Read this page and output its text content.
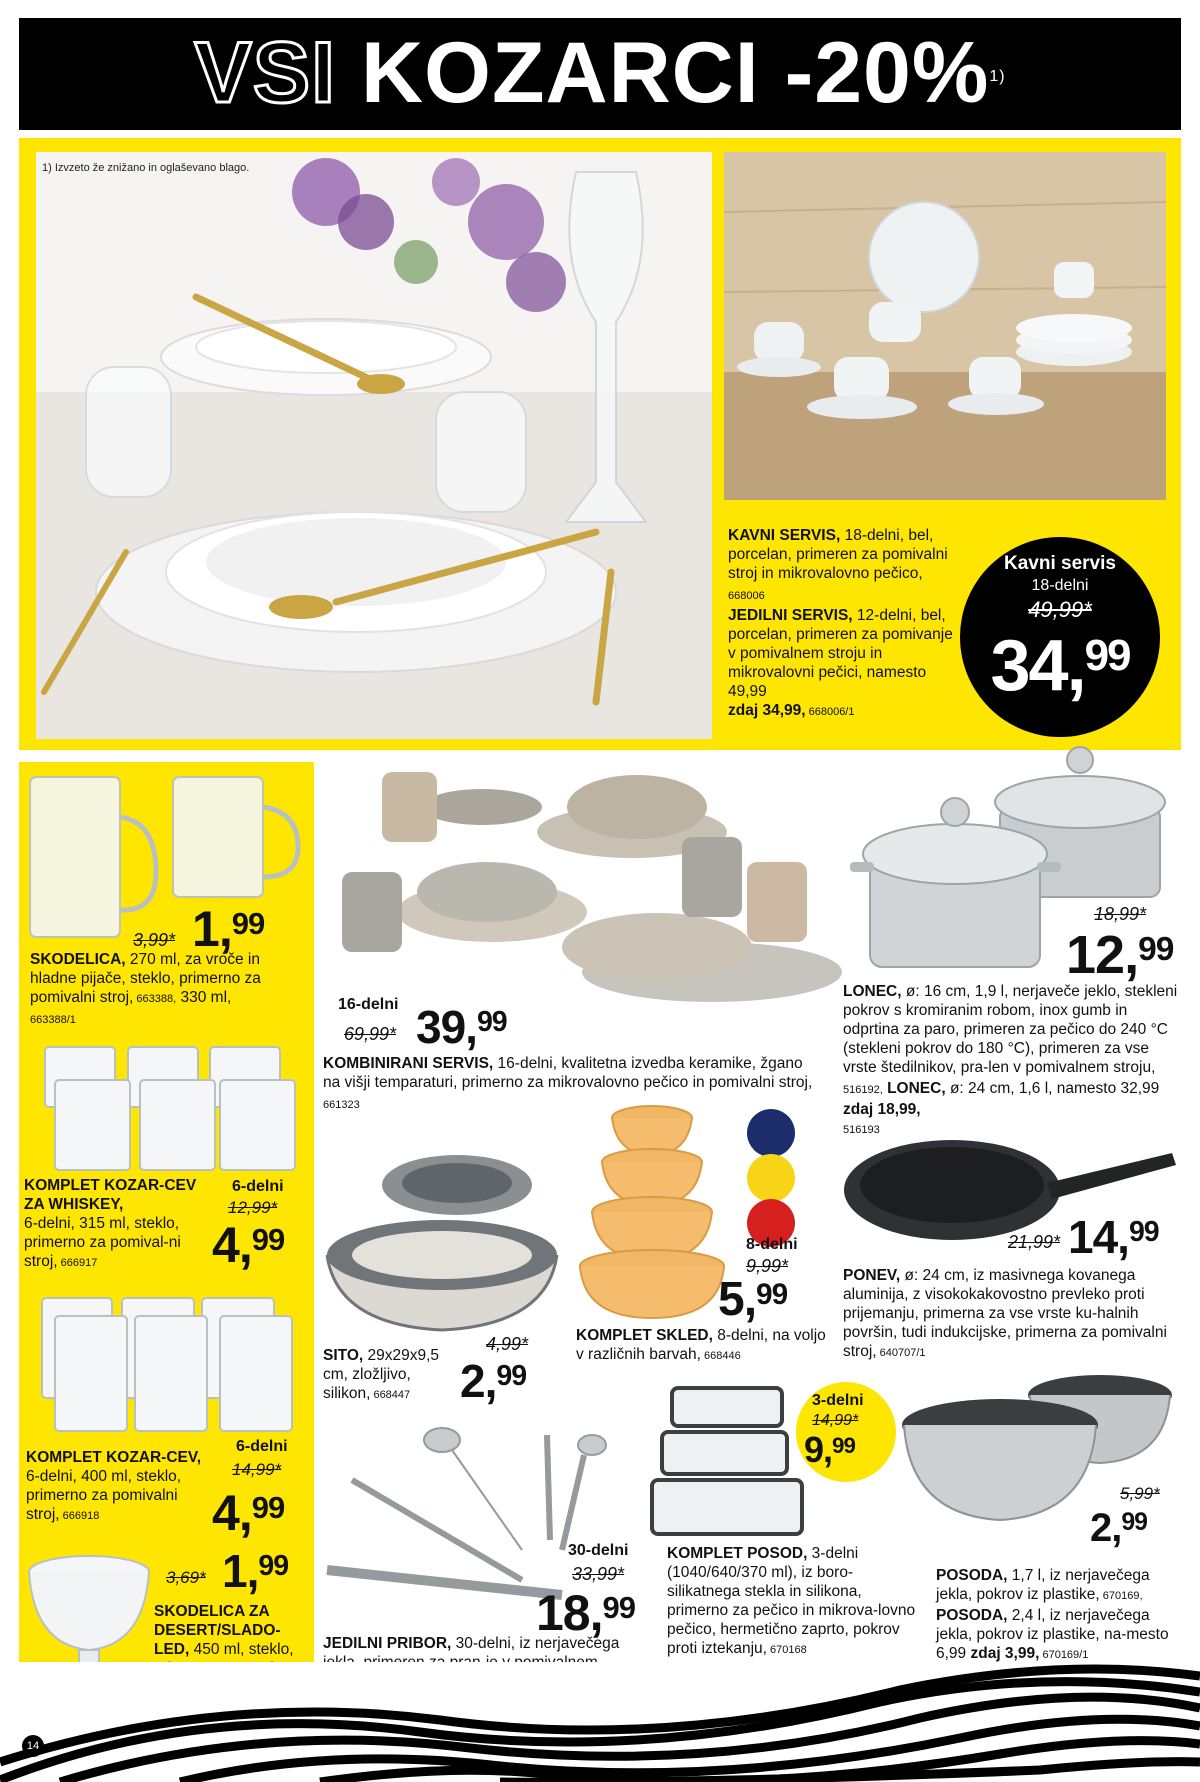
VSI KOZARCI -20%$^{1)}$
1) Izvzeto že znižano in oglaševano blago.
KAVNI SERVIS, 18-delni, bel, porcelan, primeren za pomivalni stroj in mikrovalovno pečico, 668006
JEDILNI SERVIS, 12-delni, bel, porcelan, primeren za pomivanje v pomivalnem stroju in mikrovalovni pečici, namesto 49,99
zdaj 34,99, 668006/1
Kavni servis
18-delni
49,99*
34,99
3,99* 1,99
SKODELICA, 270 ml, za vroče in hladne pijače, steklo, primerno za pomivalni stroj, 663388, 330 ml,
663388/1
KOMPLET KOZAR-CEV ZA WHISKEY,
6-delni, 315 ml, steklo, primerno za pomival-ni stroj, 666917
6-delni
12,99*
4,99
6-delni
14,99*
4,99
KOMPLET KOZAR-CEV, 6-delni, 400 ml, steklo, primerno za pomivalni stroj, 666918
3,69* 1,99
SKODELICA ZA DESERT/SLADO-LED, 450 ml, steklo,
16-delni
69,99* 39,99
KOMBINIRANI SERVIS, 16-delni, kvalitetna izvedba keramike, žgano na višji temparaturi, primerno za mikrovalovno pečico in pomivalni stroj, 661323
18,99*
12,99
LONEC, ø: 16 cm, 1,9 l, nerjaveče jeklo, stekleni pokrov s kromiranim robom, inox gumb in odprtina za paro, primeren za pečico do 240 °C (stekleni pokrov do 180 °C), primeren za vse vrste štedilnikov, pra-len v pomivalnem stroju, 516192, LONEC, ø: 24 cm, 1,6 l, namesto 32,99 zdaj 18,99,
516193
SITO, 29x29x9,5 cm, zložljivo, silikon, 668447
4,99*
2,99
8-delni
9,99*
5,99
KOMPLET SKLED, 8-delni, na voljo v različnih barvah, 668446
21,99* 14,99
PONEV, ø: 24 cm, iz masivnega kovanega aluminija, z visokokakovostno prevleko proti prijemanju, primerna za vse vrste ku-halnih površin, tudi indukcijske, primerna za pomivalni stroj, 640707/1
30-delni
33,99*
18,99
JEDILNI PRIBOR, 30-delni, iz nerjavečega
3-delni
14,99*
9,99
KOMPLET POSOD, 3-delni (1040/640/370 ml), iz boro-silikatnega stekla in silikona, primerno za pečico in mikrova-lovno pečico, hermetično zaprto, pokrov proti iztekanju, 670168
5,99*
2,99
POSODA, 1,7 l, iz nerjavečega jekla, pokrov iz plastike, 670169,
POSODA, 2,4 l, iz nerjavečega jekla, pokrov iz plastike, na-mesto 6,99 zdaj 3,99, 670169/1
14
